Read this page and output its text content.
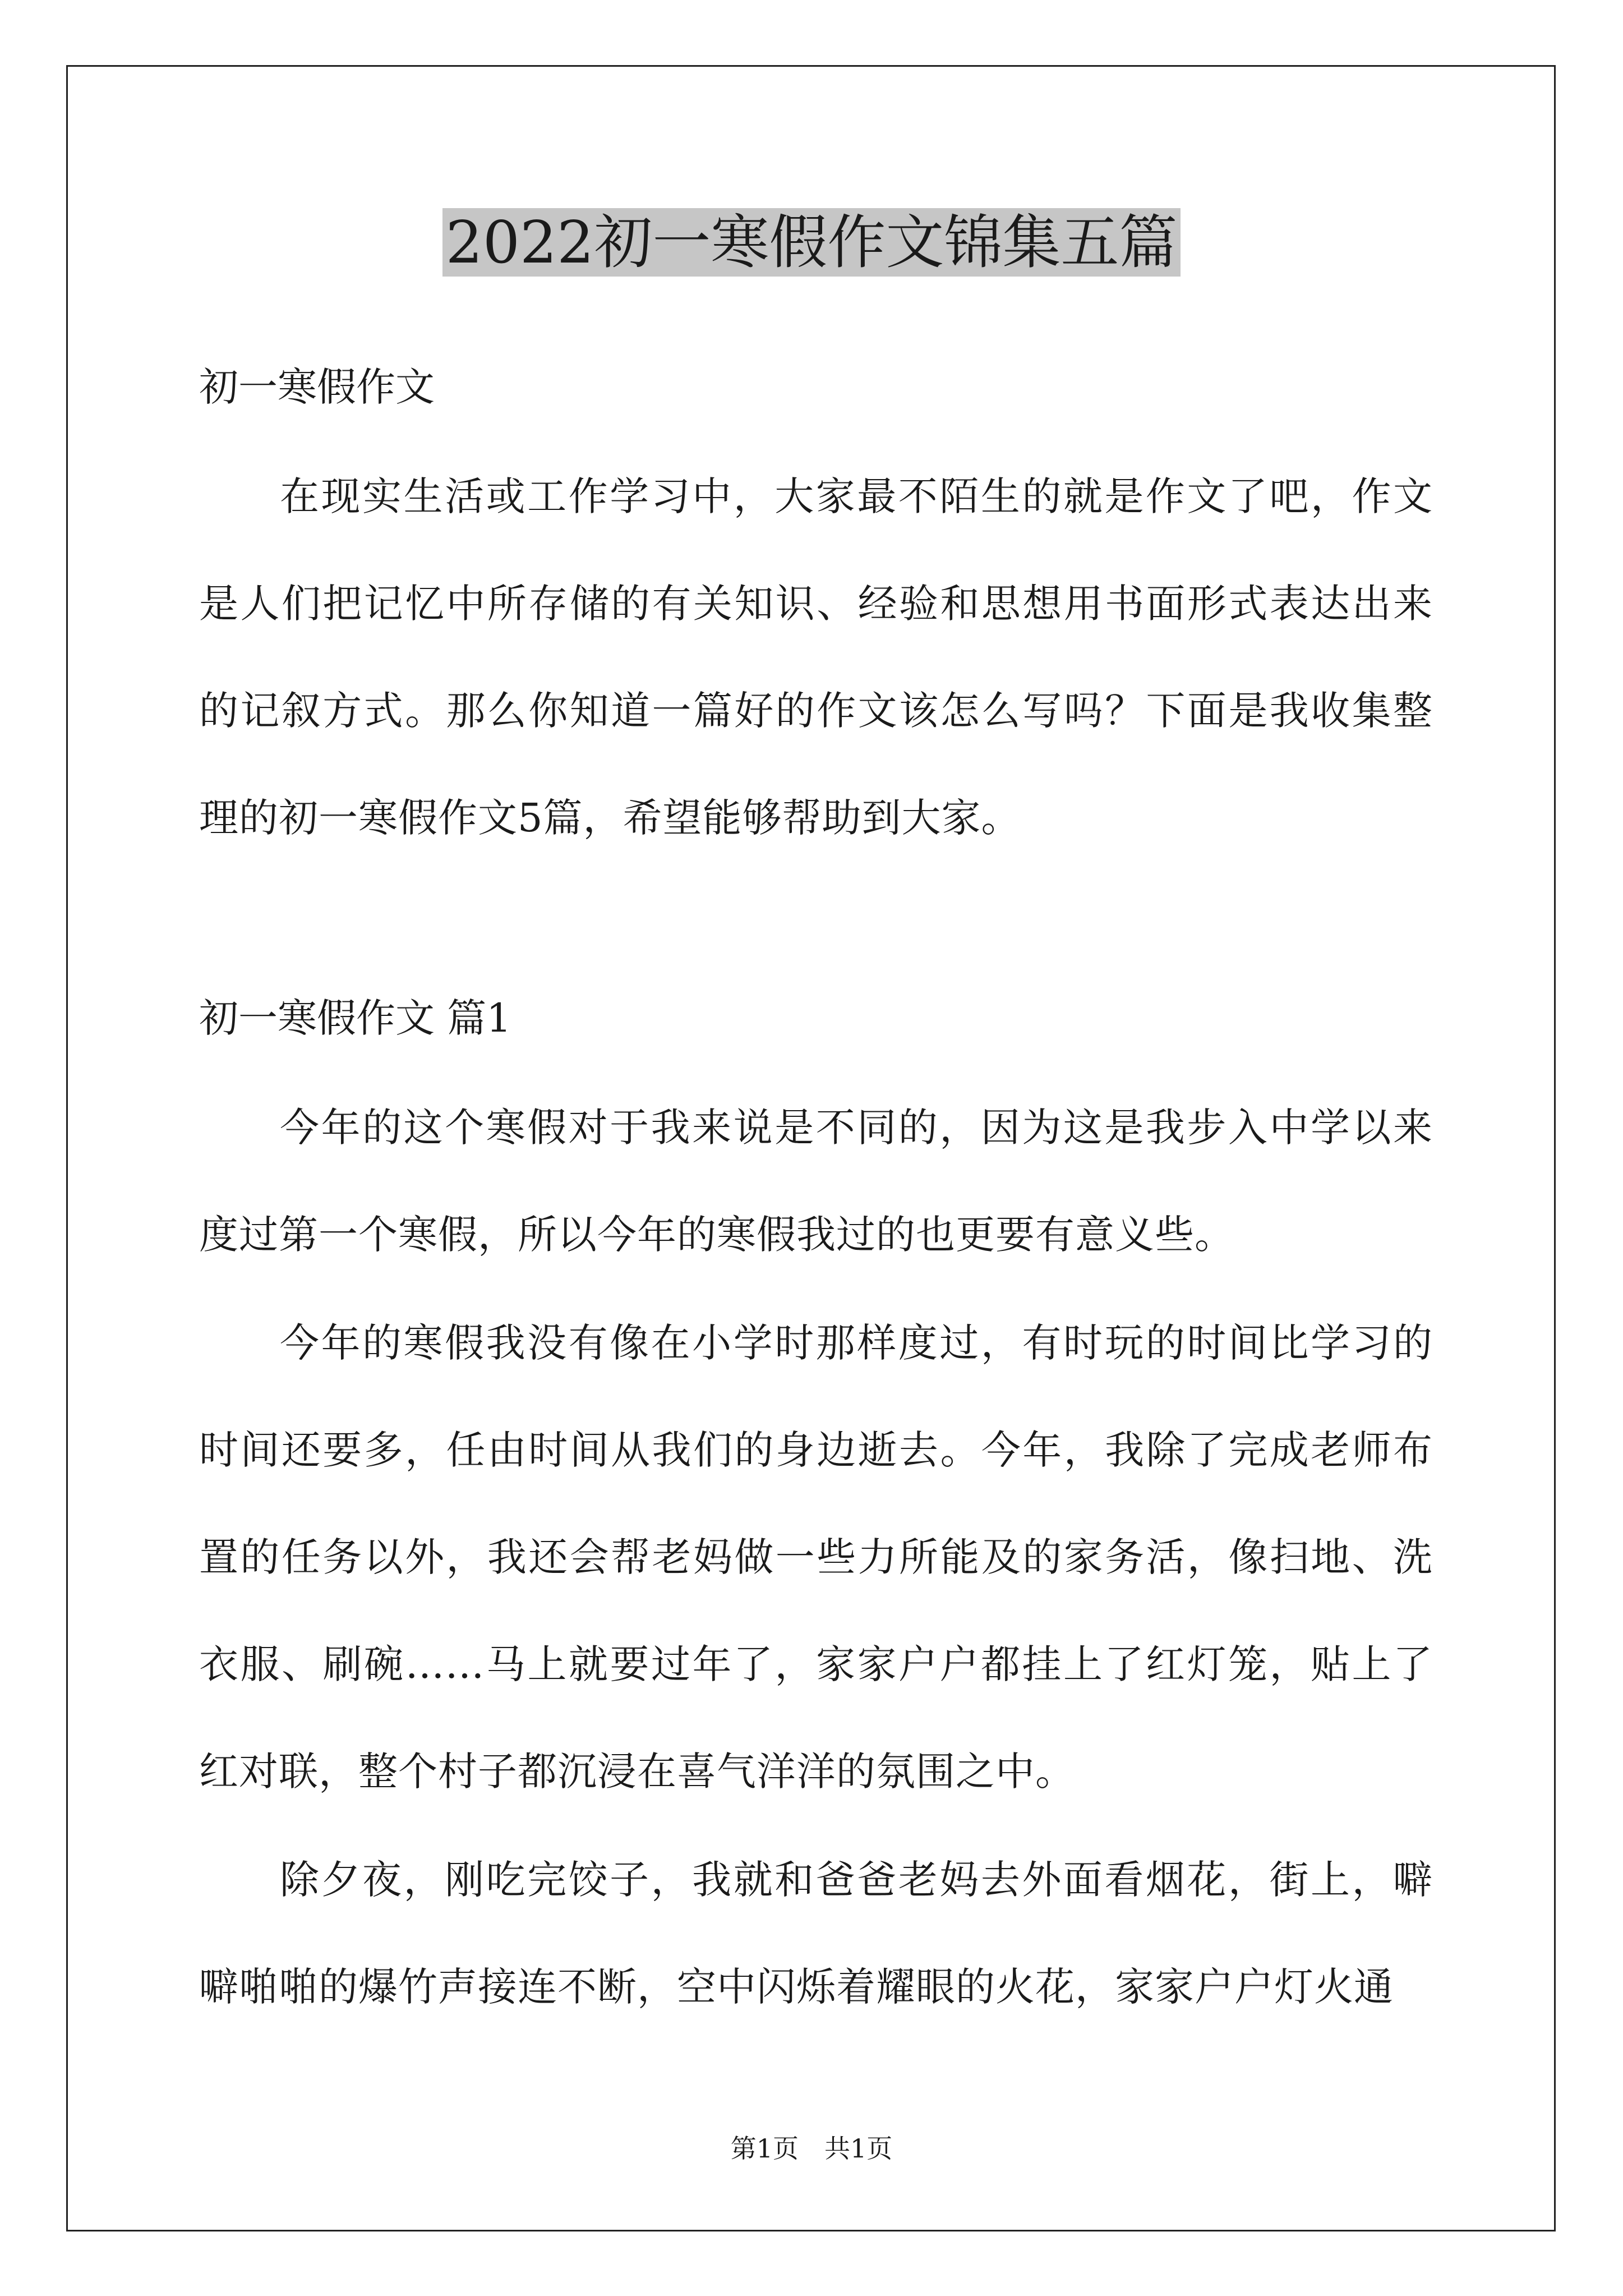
2022初一寒假作文锦集五篇
初一寒假作文

在现实生活或工作学习中，大家最不陌生的就是作文了吧，作文是人们把记忆中所存储的有关知识、经验和思想用书面形式表达出来的记叙方式。那么你知道一篇好的作文该怎么写吗？下面是我收集整理的初一寒假作文5篇，希望能够帮助到大家。

初一寒假作文 篇1

今年的这个寒假对于我来说是不同的，因为这是我步入中学以来度过第一个寒假，所以今年的寒假我过的也更要有意义些。

今年的寒假我没有像在小学时那样度过，有时玩的时间比学习的时间还要多，任由时间从我们的身边逝去。今年，我除了完成老师布置的任务以外，我还会帮老妈做一些力所能及的家务活，像扫地、洗衣服、刷碗……马上就要过年了，家家户户都挂上了红灯笼，贴上了红对联，整个村子都沉浸在喜气洋洋的氛围之中。

除夕夜，刚吃完饺子，我就和爸爸老妈去外面看烟花，街上，噼噼啪啪的爆竹声接连不断，空中闪烁着耀眼的火花，家家户户灯火通

第1页　共1页
